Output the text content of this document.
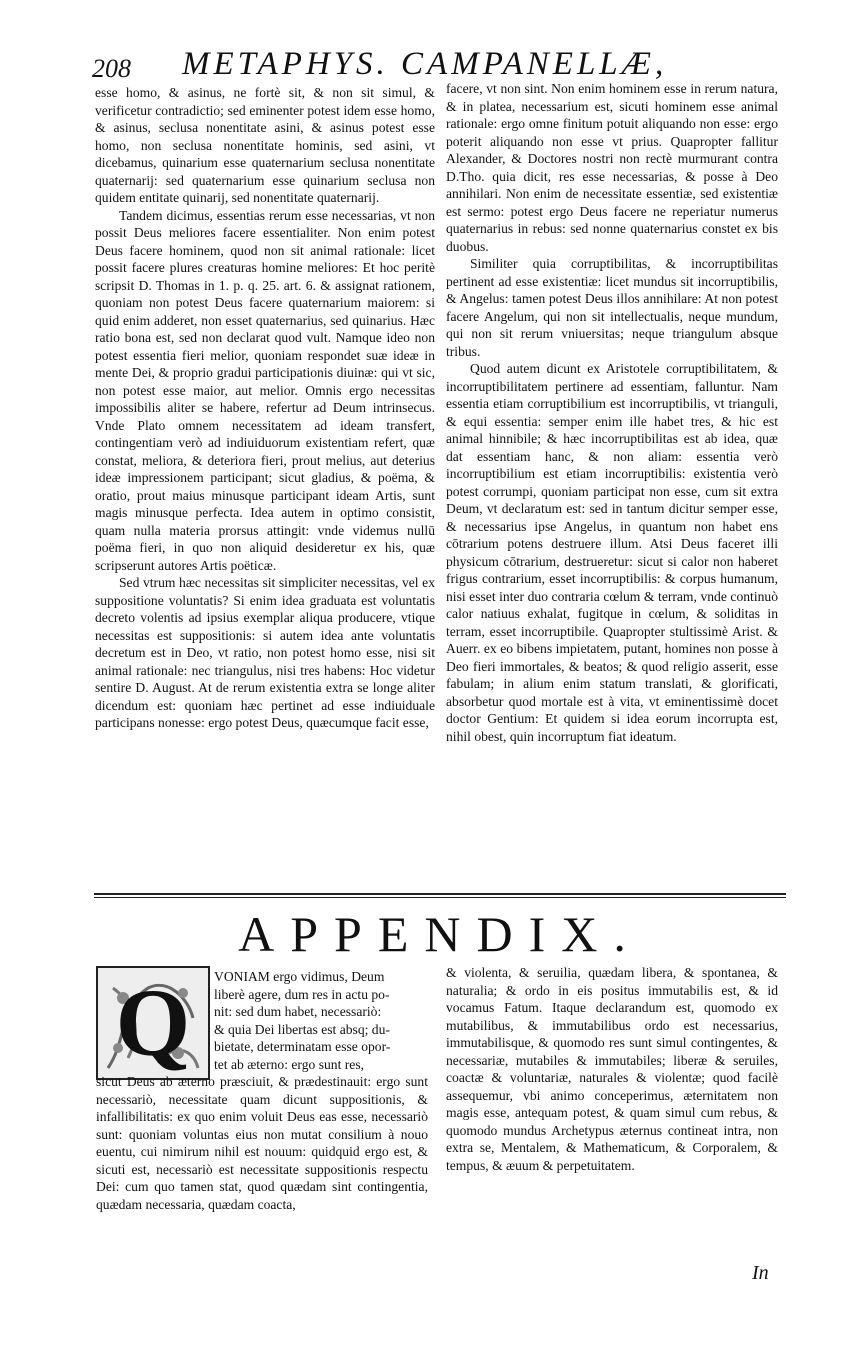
208 METAPHYS. CAMPANELLÆ,

esse homo, & asinus, ne fortè sit, & non sit simul, & verificetur contradictio; sed eminenter potest idem esse homo, & asinus, seclusa nonentitate asini, & asinus potest esse homo, non seclusa nonentitate hominis, sed asini, vt dicebamus, quinarium esse quaternarium seclusa nonentitate quaternarij: sed quaternarium esse quinarium seclusa non quidem entitate quinarij, sed nonentitate quaternarij.

Tandem dicimus, essentias rerum esse necessarias, vt non possit Deus meliores facere essentialiter. Non enim potest Deus facere hominem, quod non sit animal rationale: licet possit facere plures creaturas homine meliores: Et hoc peritè scripsit D. Thomas in 1. p. q. 25. art. 6. & assignat rationem, quoniam non potest Deus facere quaternarium maiorem: si quid enim adderet, non esset quaternarius, sed quinarius. Hæc ratio bona est, sed non declarat quod vult. Namque ideo non potest essentia fieri melior, quoniam respondet suæ ideæ in mente Dei, & proprio gradui participationis diuinæ: qui vt sic, non potest esse maior, aut melior. Omnis ergo necessitas impossibilis aliter se habere, refertur ad Deum intrinsecus. Vnde Plato omnem necessitatem ad ideam transfert, contingentiam verò ad indiuiduorum existentiam refert, quæ constat, meliora, & deteriora fieri, prout melius, aut deterius ideæ impressionem participant; sicut gladius, & poëma, & oratio, prout maius minusque participant ideam Artis, sunt magis minusque perfecta. Idea autem in optimo consistit, quam nulla materia prorsus attingit: vnde videmus nullū poëma fieri, in quo non aliquid desideretur ex his, quæ scripserunt autores Artis poëticæ.

Sed vtrum hæc necessitas sit simpliciter necessitas, vel ex suppositione voluntatis? Si enim idea graduata est voluntatis decreto volentis ad ipsius exemplar aliqua producere, vtique necessitas est suppositionis: si autem idea ante voluntatis decretum est in Deo, vt ratio, non potest homo esse, nisi sit animal rationale: nec triangulus, nisi tres habens: Hoc videtur sentire D. August. At de rerum existentia extra se longe aliter dicendum est: quoniam hæc pertinet ad esse indiuiduale participans nonesse: ergo potest Deus, quæcumque facit esse,

facere, vt non sint. Non enim hominem esse in rerum natura, & in platea, necessarium est, sicuti hominem esse animal rationale: ergo omne finitum potuit aliquando non esse: ergo poterit aliquando non esse vt prius. Quapropter fallitur Alexander, & Doctores nostri non rectè murmurant contra D.Tho. quia dicit, res esse necessarias, & posse à Deo annihilari. Non enim de necessitate essentiæ, sed existentiæ est sermo: potest ergo Deus facere ne reperiatur numerus quaternarius in rebus: sed nonne quaternarius constet ex bis duobus.

Similiter quia corruptibilitas, & incorruptibilitas pertinent ad esse existentiæ: licet mundus sit incorruptibilis, & Angelus: tamen potest Deus illos annihilare: At non potest facere Angelum, qui non sit intellectualis, neque mundum, qui non sit rerum vniuersitas; neque triangulum absque tribus.

Quod autem dicunt ex Aristotele corruptibilitatem, & incorruptibilitatem pertinere ad essentiam, falluntur. Nam essentia etiam corruptibilium est incorruptibilis, vt trianguli, & equi essentia: semper enim ille habet tres, & hic est animal hinnibile; & hæc incorruptibilitas est ab idea, quæ dat essentiam hanc, & non aliam: essentia verò incorruptibilium est etiam incorruptibilis: existentia verò potest corrumpi, quoniam participat non esse, cum sit extra Deum, vt declaratum est: sed in tantum dicitur semper esse, & necessarius ipse Angelus, in quantum non habet ens cōtrarium potens destruere illum. Atsi Deus faceret illi physicum cōtrarium, destrueretur: sicut si calor non haberet frigus contrarium, esset incorruptibilis: & corpus humanum, nisi esset inter duo contraria cœlum & terram, vnde continuò calor natiuus exhalat, fugitque in cœlum, & soliditas in terram, esset incorruptibile. Quapropter stultissimè Arist. & Auerr. ex eo bibens impietatem, putant, homines non posse à Deo fieri immortales, & beatos; & quod religio asserit, esse fabulam; in alium enim statum translati, & glorificati, absorbetur quod mortale est à vita, vt eminentissimè docet doctor Gentium: Et quidem si idea eorum incorrupta est, nihil obest, quin incorruptum fiat ideatum.

APPENDIX.
Q	VONIAM ergo vidimus, Deum
liberè agere, dum res in actu po-
nit: sed dum habet, necessariò:
& quia Dei libertas est absq; du-
bietate, determinatam esse opor-
tet ab æterno: ergo sunt res,

sicut Deus ab æterno præsciuit, & prædestinauit: ergo sunt necessariò, necessitate quam dicunt suppositionis, & infallibilitatis: ex quo enim voluit Deus eas esse, necessariò sunt: quoniam voluntas eius non mutat consilium à nouo euentu, cui nimirum nihil est nouum: quidquid ergo est, & sicuti est, necessariò est necessitate suppositionis respectu Dei: cum quo tamen stat, quod quædam sint contingentia, quædam necessaria, quædam coacta,

& violenta, & seruilia, quædam libera, & spontanea, & naturalia; & ordo in eis positus immutabilis est, & id vocamus Fatum. Itaque declarandum est, quomodo ex mutabilibus, & immutabilibus ordo est necessarius, immutabilisque, & quomodo res sunt simul contingentes, & necessariæ, mutabiles & immutabiles; liberæ & seruiles, coactæ & voluntariæ, naturales & violentæ; quod facilè assequemur, vbi animo conceperimus, æternitatem non magis esse, antequam potest, & quam simul cum rebus, & quomodo mundus Archetypus æternus contineat intra, non extra se, Mentalem, & Mathematicum, & Corporalem, & tempus, & æuum & perpetuitatem.

In
